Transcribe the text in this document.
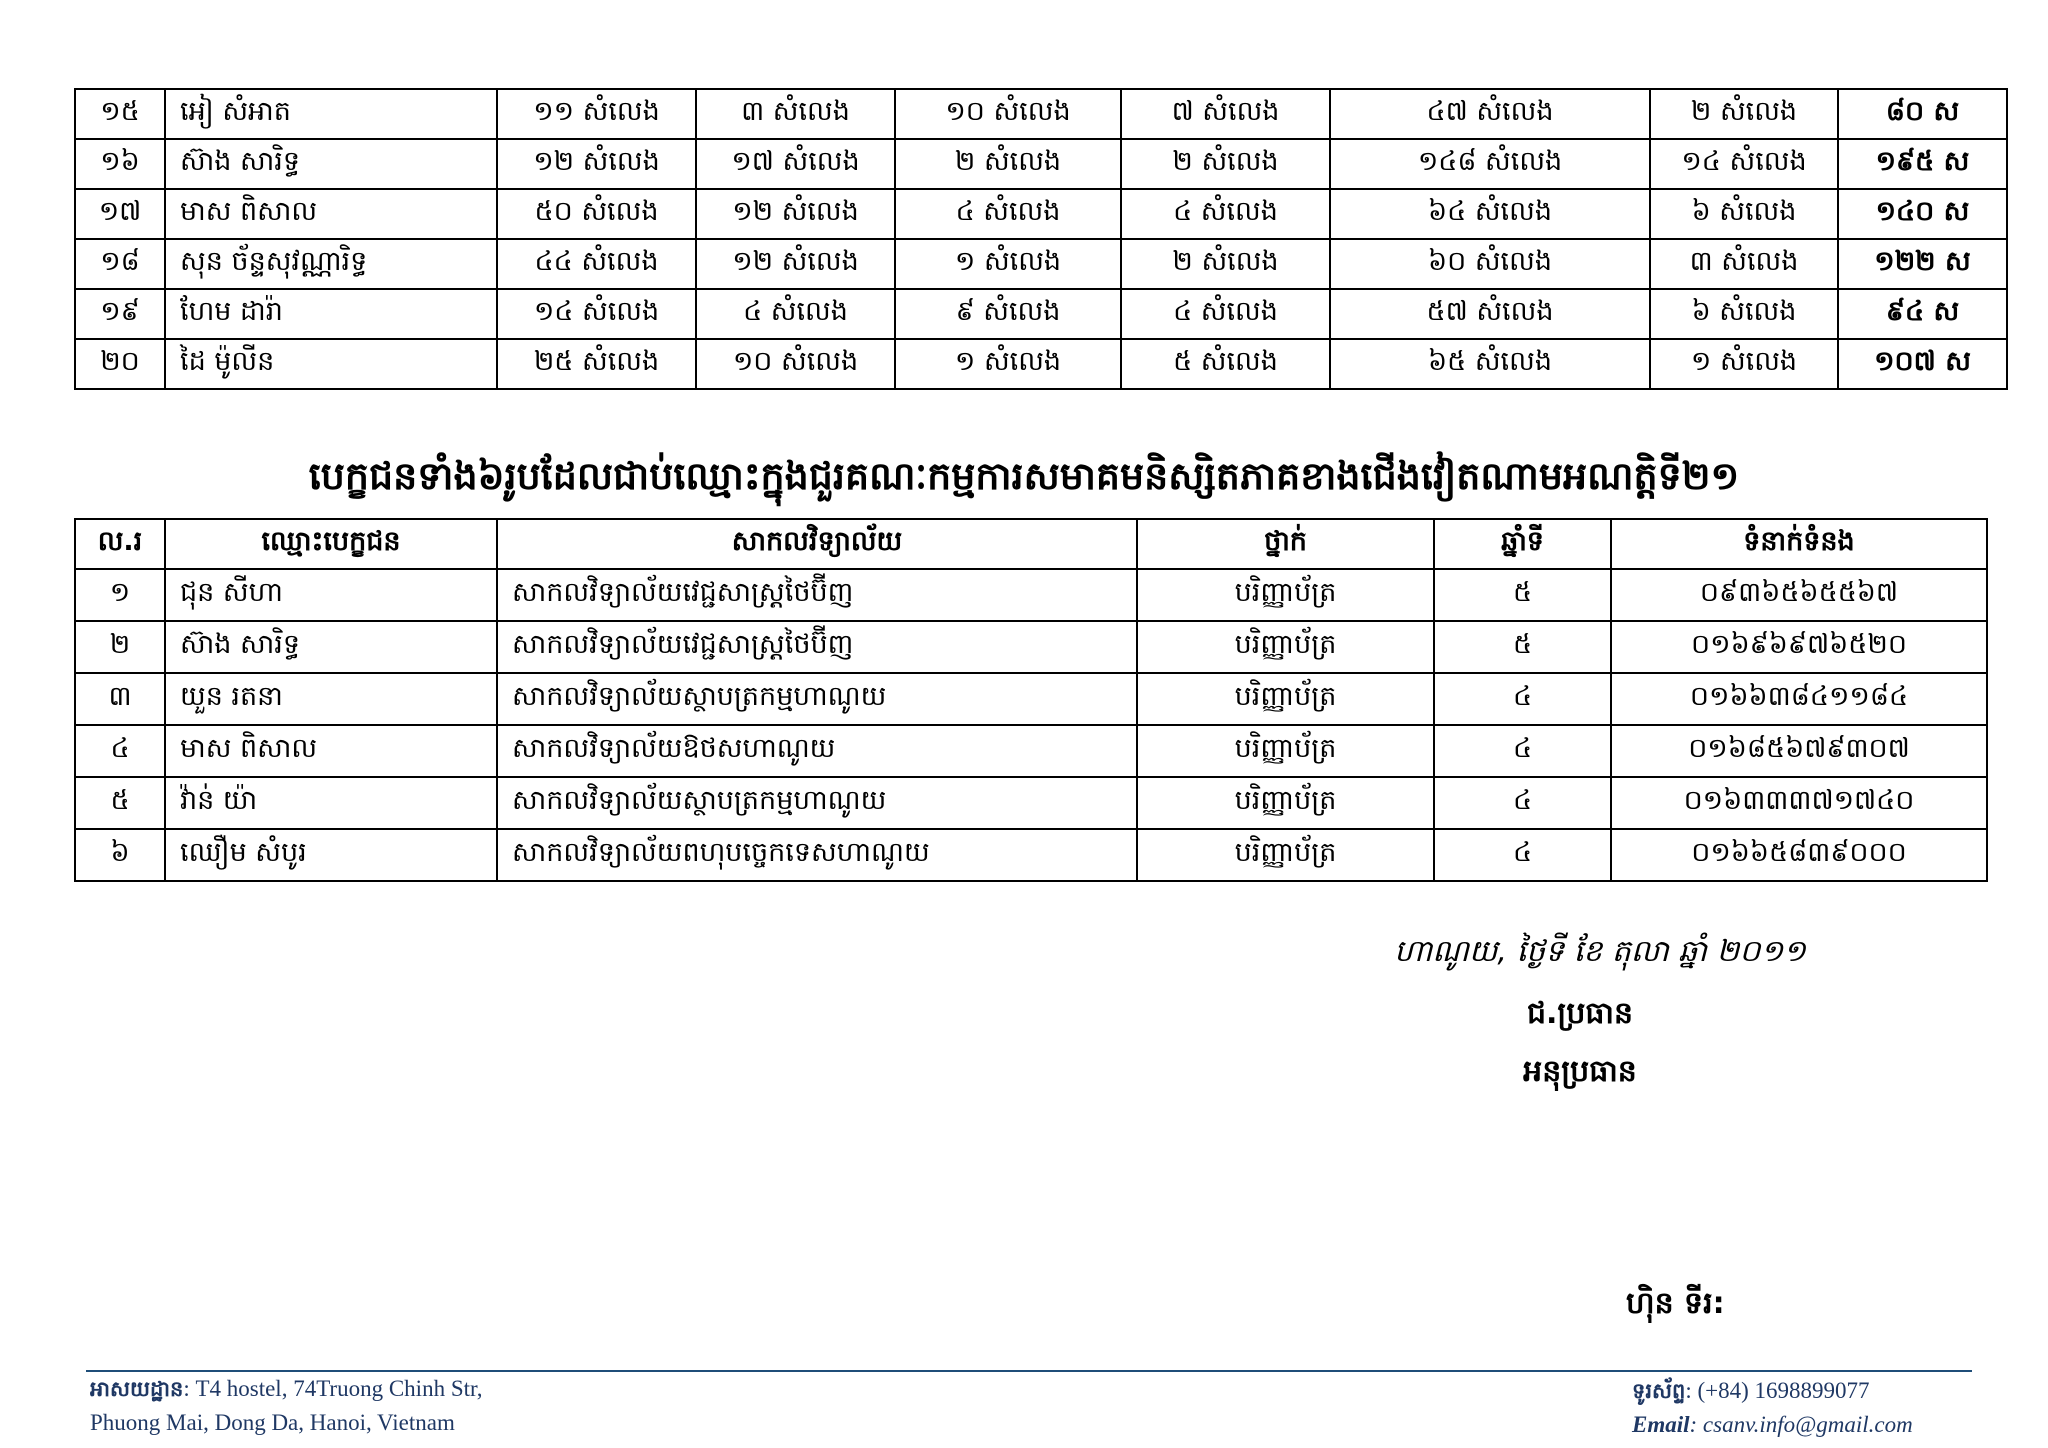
១៥	អៀ សំអាត	១១ សំលេង	៣ សំលេង	១០ សំលេង	៧ សំលេង	៤៧ សំលេង	២ សំលេង	៨០ ស
១៦	ស៊ាង សារិទ្ធ	១២ សំលេង	១៧ សំលេង	២ សំលេង	២ សំលេង	១៤៨ សំលេង	១៤ សំលេង	១៩៥ ស
១៧	មាស ពិសាល	៥០ សំលេង	១២ សំលេង	៤ សំលេង	៤ សំលេង	៦៤ សំលេង	៦ សំលេង	១៤០ ស
១៨	សុន ច័ន្ទសុវណ្ណារិទ្ធ	៤៤ សំលេង	១២ សំលេង	១ សំលេង	២ សំលេង	៦០ សំលេង	៣ សំលេង	១២២ ស
១៩	ហែម ដារ៉ា	១៤ សំលេង	៤ សំលេង	៩ សំលេង	៤ សំលេង	៥៧ សំលេង	៦ សំលេង	៩៤ ស
២០	ដៃ ម៉ូលីន	២៥ សំលេង	១០ សំលេង	១ សំលេង	៥ សំលេង	៦៥ សំលេង	១ សំលេង	១០៧ ស
បេក្ខជនទាំង៦រូបដែលជាប់ឈ្មោះក្នុងជួរគណៈកម្មការសមាគមនិស្សិតភាគខាងជើងវៀតណាមអណត្តិទី២១
ល.រ	ឈ្មោះបេក្ខជន	សាកលវិទ្យាល័យ	ថ្នាក់	ឆ្នាំទី	ទំនាក់ទំនង
១	ជុន សីហា	សាកលវិទ្យាល័យវេជ្ជសាស្ត្រថៃប៊ីញ	បរិញ្ញាប័ត្រ	៥	០៩៣៦៥៦៥៥៦៧
២	ស៊ាង សារិទ្ធ	សាកលវិទ្យាល័យវេជ្ជសាស្ត្រថៃប៊ីញ	បរិញ្ញាប័ត្រ	៥	០១៦៩៦៩៧៦៥២០
៣	យួន រតនា	សាកលវិទ្យាល័យស្ថាបត្រកម្មហាណូយ	បរិញ្ញាប័ត្រ	៤	០១៦៦៣៨៤១១៨៤
៤	មាស ពិសាល	សាកលវិទ្យាល័យឱថសហាណូយ	បរិញ្ញាប័ត្រ	៤	០១៦៨៥៦៧៩៣០៧
៥	វ៉ាន់ យ៉ា	សាកលវិទ្យាល័យស្ថាបត្រកម្មហាណូយ	បរិញ្ញាប័ត្រ	៤	០១៦៣៣៣៧១៧៤០
៦	ឈឿម សំបូរ	សាកលវិទ្យាល័យពហុបច្ចេកទេសហាណូយ	បរិញ្ញាប័ត្រ	៤	០១៦៦៥៨៣៩០០០
ហាណូយ, ថ្ងៃទី ខែ តុលា ឆ្នាំ ២០១១
ជ.ប្រធាន
អនុប្រធាន
ហ៊ិន ទីរ:
អាសយដ្ឋាន: T4 hostel, 74Truong Chinh Str,
Phuong Mai, Dong Da, Hanoi, Vietnam
ទូរស័ព្ទ: (+84) 1698899077
Email: csanv.info@gmail.com
